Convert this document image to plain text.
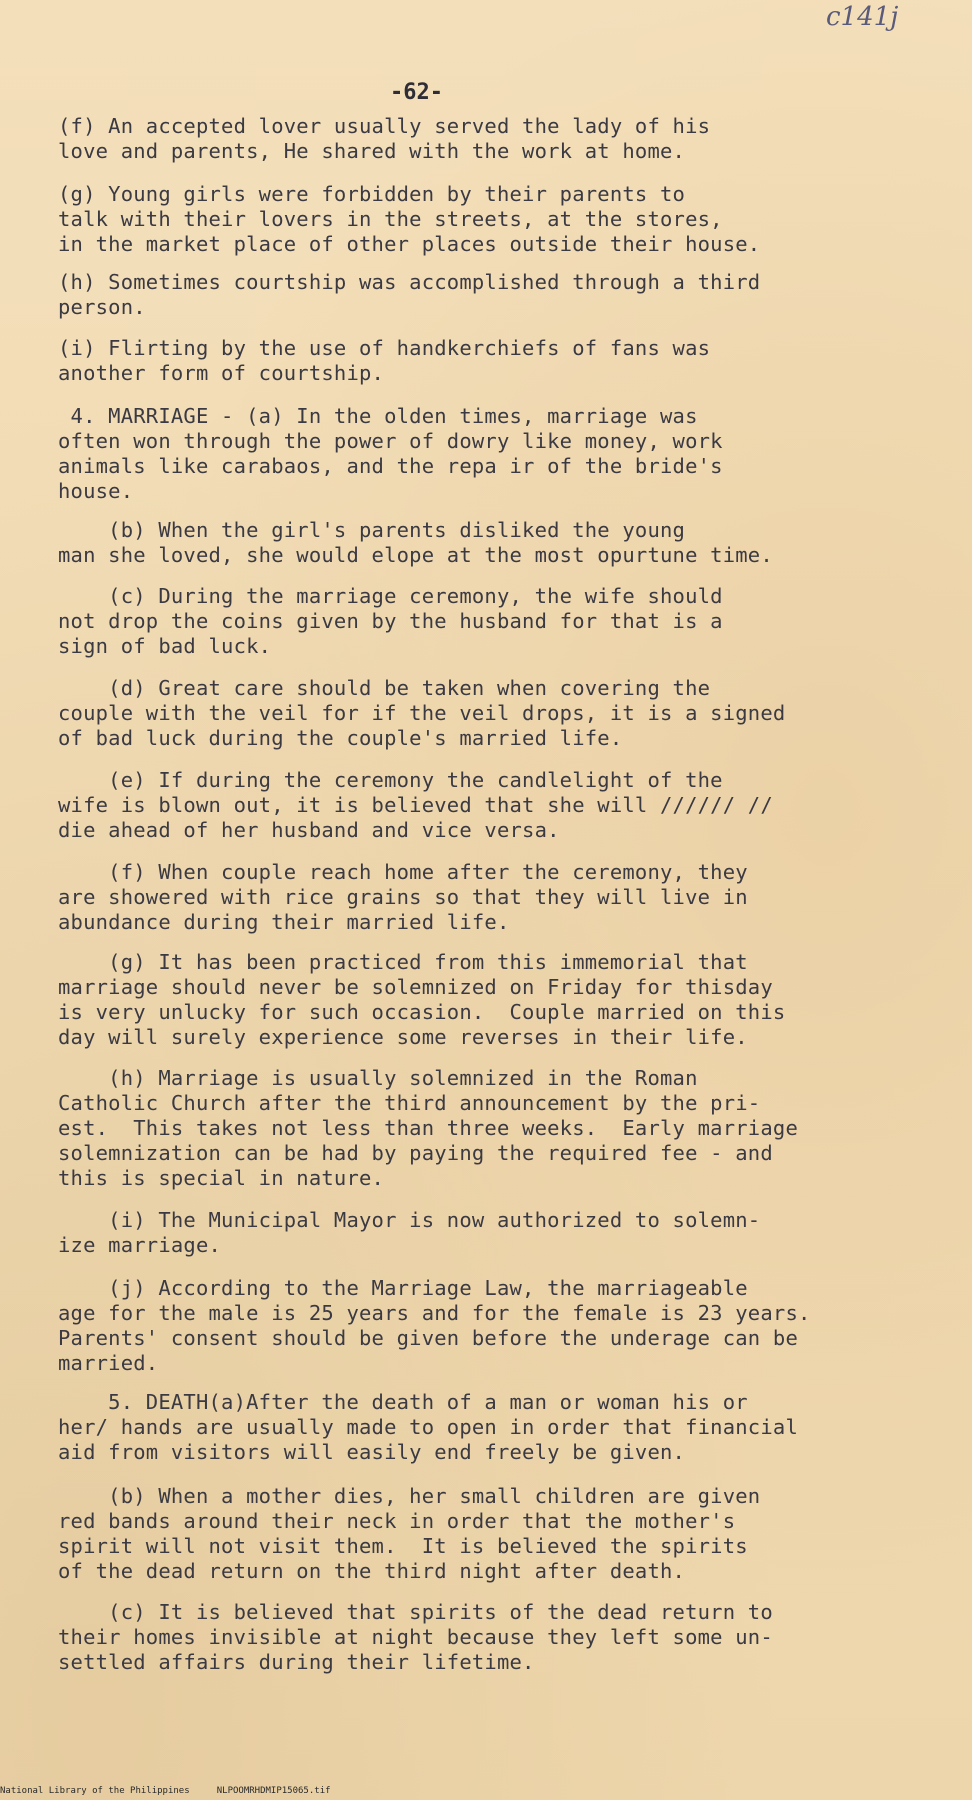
c141j
-62-
(f) An accepted lover usually served the lady of his
love and parents, He shared with the work at home.
(g) Young girls were forbidden by their parents to
talk with their lovers in the streets, at the stores,
in the market place of other places outside their house.
(h) Sometimes courtship was accomplished through a third
person.
(i) Flirting by the use of handkerchiefs of fans was
another form of courtship.
4. MARRIAGE - (a) In the olden times, marriage was
often won through the power of dowry like money, work
animals like carabaos, and the repa ir of the bride's
house.
(b) When the girl's parents disliked the young
man she loved, she would elope at the most opurtune time.
(c) During the marriage ceremony, the wife should
not drop the coins given by the husband for that is a
sign of bad luck.
(d) Great care should be taken when covering the
couple with the veil for if the veil drops, it is a signed
of bad luck during the couple's married life.
(e) If during the ceremony the candlelight of the
wife is blown out, it is believed that she will ////// //
die ahead of her husband and vice versa.
(f) When couple reach home after the ceremony, they
are showered with rice grains so that they will live in
abundance during their married life.
(g) It has been practiced from this immemorial that
marriage should never be solemnized on Friday for thisday
is very unlucky for such occasion.  Couple married on this
day will surely experience some reverses in their life.
(h) Marriage is usually solemnized in the Roman
Catholic Church after the third announcement by the pri-
est.  This takes not less than three weeks.  Early marriage
solemnization can be had by paying the required fee - and
this is special in nature.
(i) The Municipal Mayor is now authorized to solemn-
ize marriage.
(j) According to the Marriage Law, the marriageable
age for the male is 25 years and for the female is 23 years.
Parents' consent should be given before the underage can be
married.
5. DEATH(a)After the death of a man or woman his or
her/ hands are usually made to open in order that financial
aid from visitors will easily end freely be given.
(b) When a mother dies, her small children are given
red bands around their neck in order that the mother's
spirit will not visit them.  It is believed the spirits
of the dead return on the third night after death.
(c) It is believed that spirits of the dead return to
their homes invisible at night because they left some un-
settled affairs during their lifetime.
National Library of the Philippines     NLPOOMRHDMIP15065.tif
